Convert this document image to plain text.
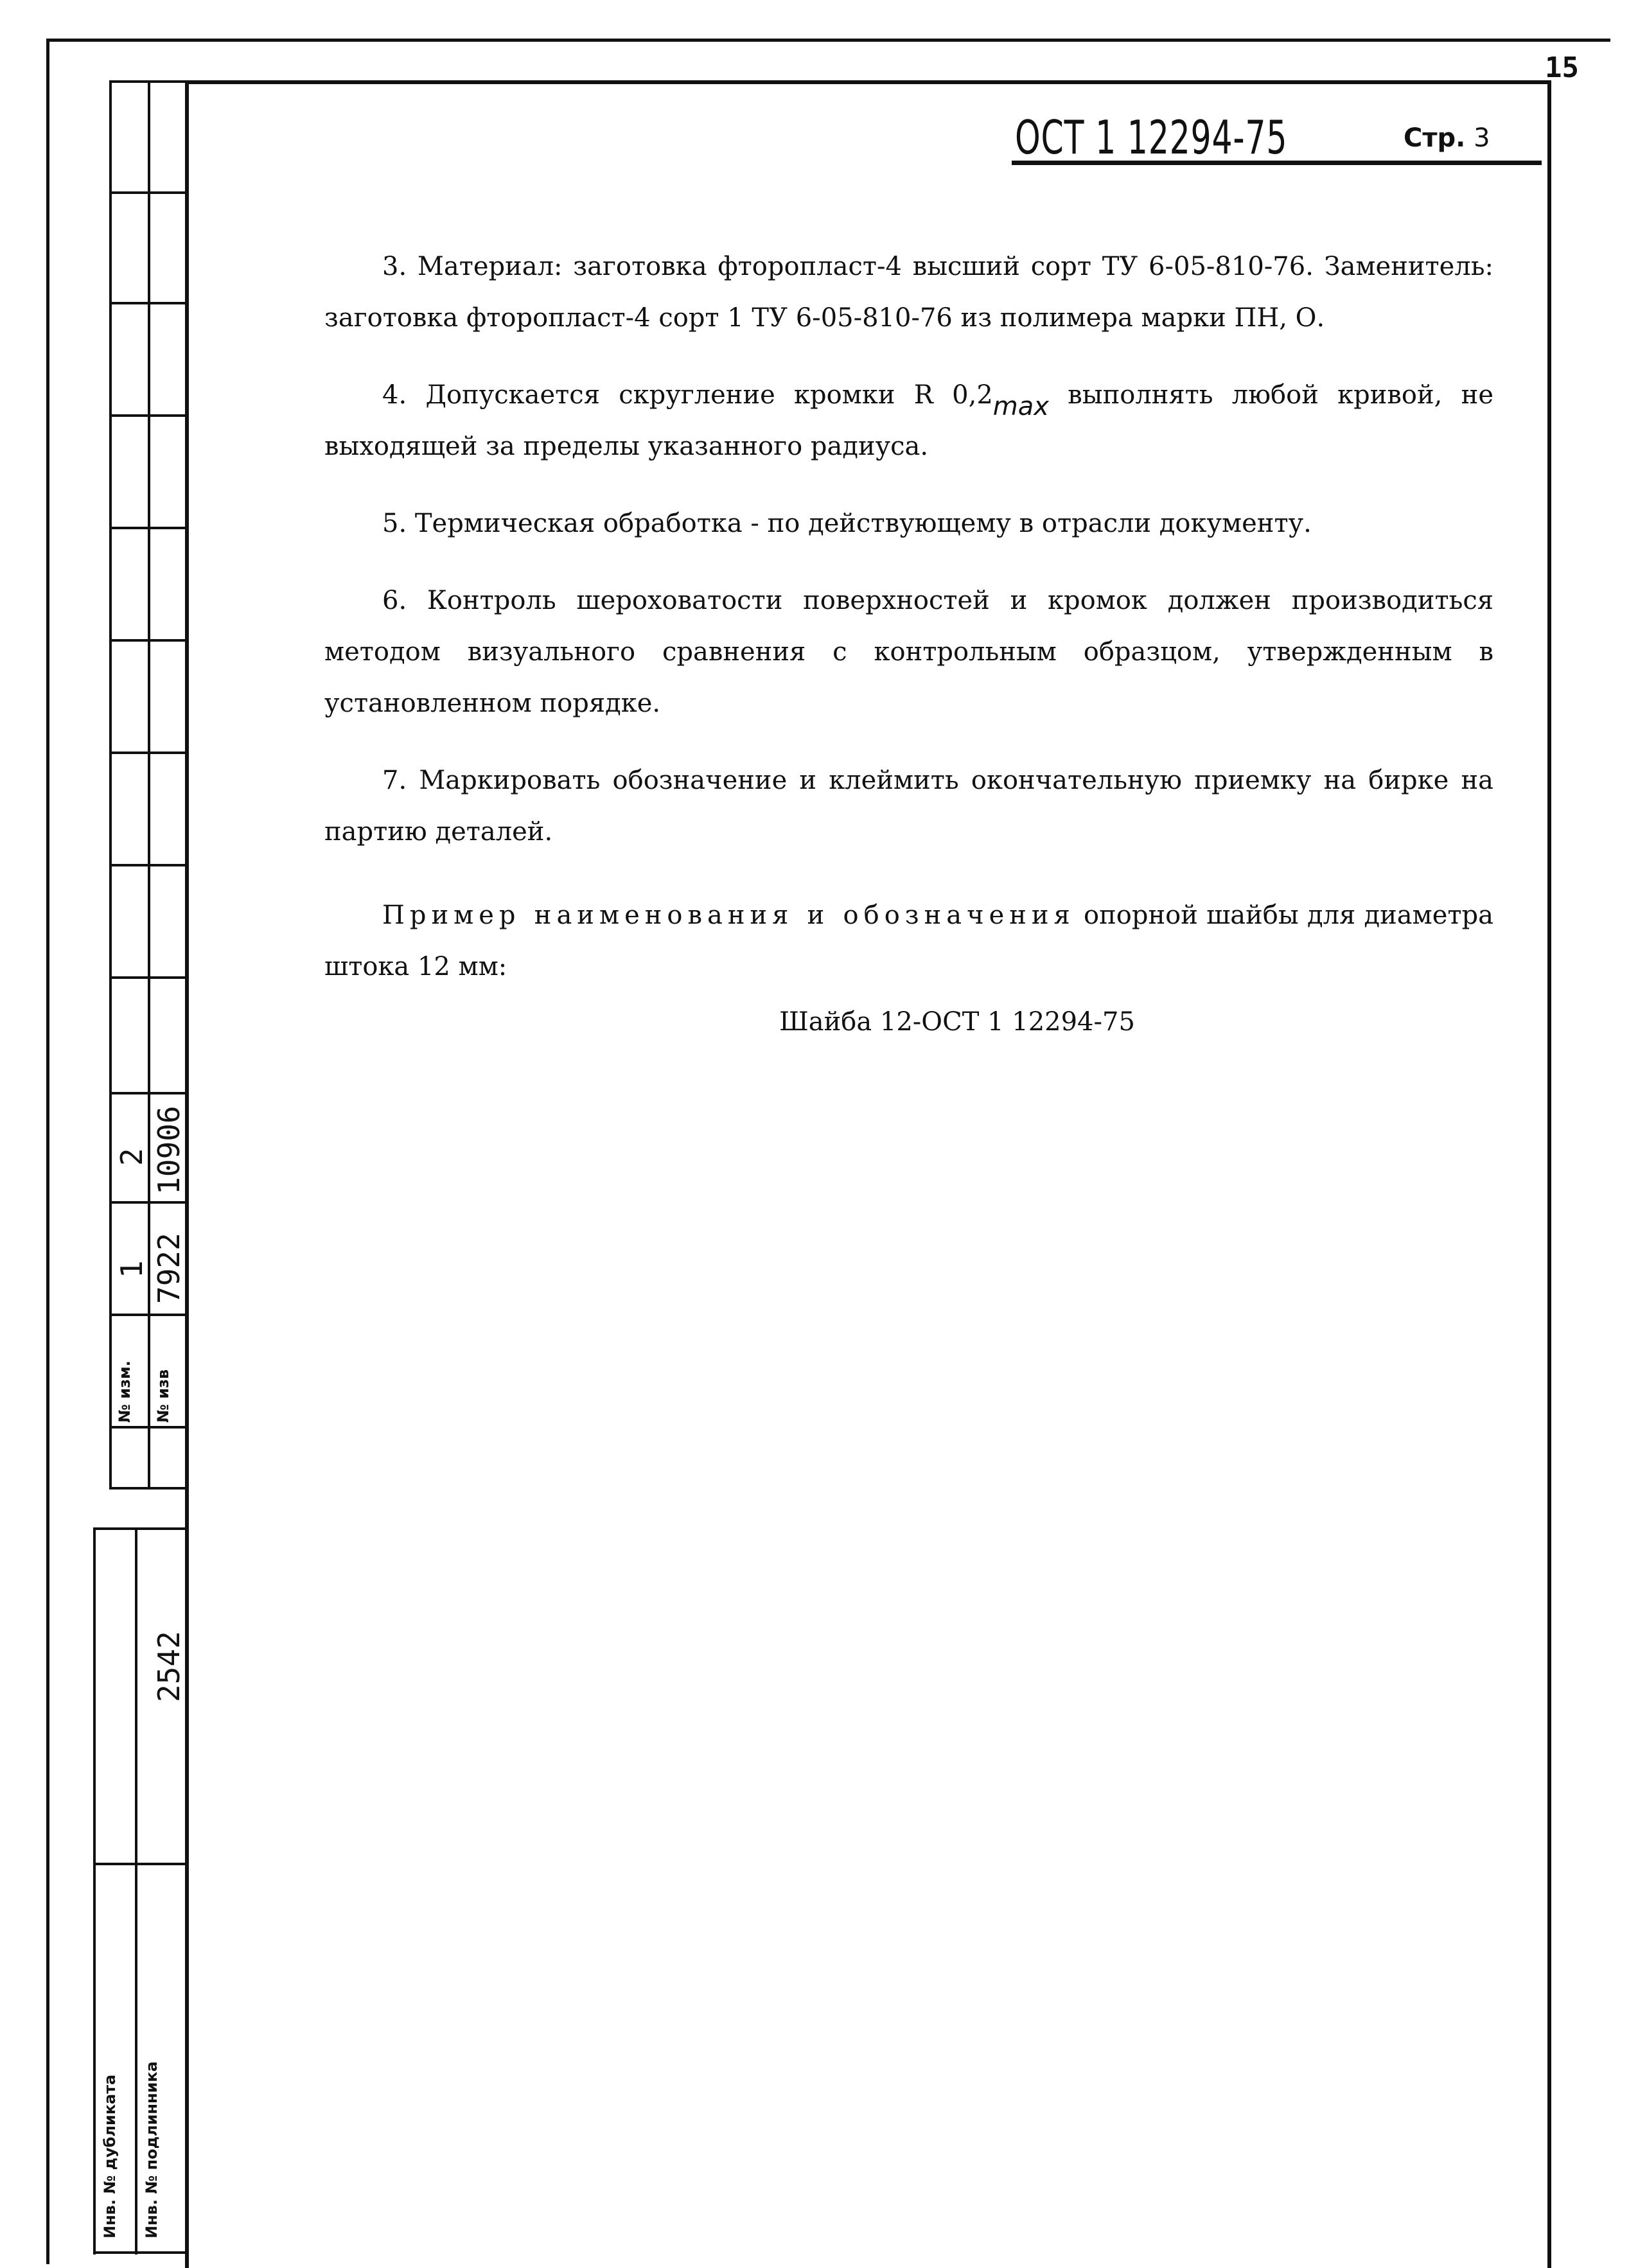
15
ОСТ 1 12294-75	Стр. 3

3. Материал: заготовка фторопласт-4 высший сорт ТУ 6-05-810-76. Заменитель: заготовка фторопласт-4 сорт 1 ТУ 6-05-810-76 из полимера марки ПН, О.

4. Допускается скругление кромки R 0,2max выполнять любой кривой, не выходящей за пределы указанного радиуса.

5. Термическая обработка - по действующему в отрасли документу.

6. Контроль шероховатости поверхностей и кромок должен производиться методом визуального сравнения с контрольным образцом, утвержденным в установленном порядке.

7. Маркировать обозначение и клеймить окончательную приемку на бирке на партию деталей.

Пример наименования и обозначения опорной шайбы для диаметра штока 12 мм:

Шайба 12-ОСТ 1 12294-75

№ изм. № изв
1
2
7922
10906
2542
Инв. № дубликата Инв. № подлинника
